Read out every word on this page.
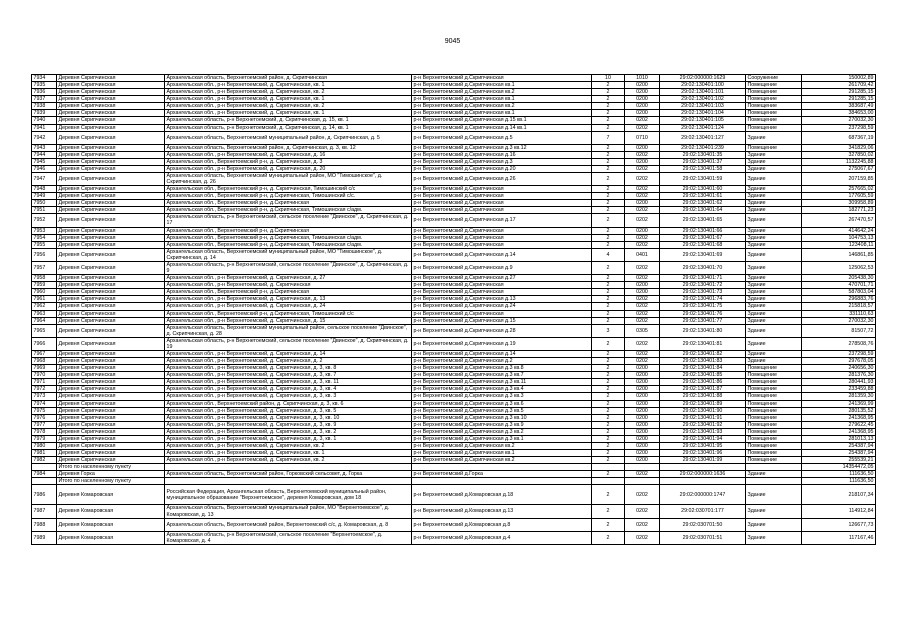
9045
7934	Деревня Скрипчинская	Архангельская область, Верхнетоемский район, д. Скрипчинская	р-н Верхнетоемский д.Скрипчинская	10	1010	29:02:000000:1629	Сооружение	150002,89
7935	Деревня Скрипчинская	Архангельская обл., р-н Верхнетоемский, д. Скрипчинская, кв. 1	р-н Верхнетоемский д.Скрипчинская кв.1	2	0200	29:02:130401:100	Помещение	261709,42
7936	Деревня Скрипчинская	Архангельская обл., р-н Верхнетоемский, д. Скрипчинская, кв. 2	р-н Верхнетоемский д.Скрипчинская кв.2	2	0200	29:02:130401:101	Помещение	291285,15
7937	Деревня Скрипчинская	Архангельская обл., р-н Верхнетоемский, д. Скрипчинская, кв. 1	р-н Верхнетоемский д.Скрипчинская кв.1	2	0200	29:02:130401:102	Помещение	291285,15
7938	Деревня Скрипчинская	Архангельская обл., р-н Верхнетоемский, д. Скрипчинская, кв. 2	р-н Верхнетоемский д.Скрипчинская кв.2	2	0200	29:02:130401:103	Помещение	383687,49
7939	Деревня Скрипчинская	Архангельская обл., р-н Верхнетоемский, д. Скрипчинская, кв. 1	р-н Верхнетоемский д.Скрипчинская кв.1	2	0200	29:02:130401:104	Помещение	384653,00
7940	Деревня Скрипчинская	Архангельская область, р-н Верхнетоемский, д. Скрипчинская, д. 15, кв. 1	р-н Верхнетоемский д.Скрипчинская д.15 кв.1	2	0202	29:02:130401:105	Помещение	270032,30
7941	Деревня Скрипчинская	Архангельская область, р-н Верхнетоемский, д. Скрипчинская, д. 14, кв. 1	р-н Верхнетоемский д.Скрипчинская д.14 кв.1	2	0202	29:02:130401:124	Помещение	237298,59
7942	Деревня Скрипчинская	Архангельская область, Верхнетоемский муниципальный район, д. Скрипчинская, д. 5	р-н Верхнетоемский д.Скрипчинская д.5	7	0710	29:02:130401:127	Здание	687367,19
7943	Деревня Скрипчинская	Архангельская область, Верхнетоемский район, д. Скрипчинская, д. 3, кв. 12	р-н Верхнетоемский д.Скрипчинская д.3 кв.12	2	0200	29:02:130401:239	Помещение	341829,06
7944	Деревня Скрипчинская	Архангельская обл., р-н Верхнетоемский, д. Скрипчинская, д. 16	р-н Верхнетоемский д.Скрипчинская д.16	2	0202	29:02:130401:35	Здание	327850,02
7945	Деревня Скрипчинская	Архангельская обл., Верхнетоемский р-н, д. Скрипчинская, д. 3	р-н Верхнетоемский д.Скрипчинская д.3	2	0200	29:02:130401:37	Здание	1132245,88
7946	Деревня Скрипчинская	Архангельская обл., р-н Верхнетоемский, д. Скрипчинская, д. 20	р-н Верхнетоемский д.Скрипчинская д.20	2	0202	29:02:130401:58	Здание	275067,67
7947	Деревня Скрипчинская	Архангельская область, Верхнетоемский муниципальный район, МО "Тимошинское", д. Скрипчинская, д. 26	р-н Верхнетоемский д.Скрипчинская д.26	2	0202	29:02:130401:59	Здание	207159,85
7948	Деревня Скрипчинская	Архангельская обл., Верхнетоемский р-н, д. Скрипчинская, Тимошинский с/с	р-н Верхнетоемский д.Скрипчинская	2	0202	29:02:130401:60	Здание	257665,02
7949	Деревня Скрипчинская	Архангельская обл., Верхнетоемский р-н, д.Скрипчинская, Тимошинский с/с.	р-н Верхнетоемский д.Скрипчинская	2	0202	29:02:130401:61	Здание	177605,59
7950	Деревня Скрипчинская	Архангельская обл., Верхнетоемский р-н, д.Скрипчинская	р-н Верхнетоемский д.Скрипчинская	2	0200	29:02:130401:62	Здание	309958,89
7951	Деревня Скрипчинская	Архангельская обл., Верхнетоемский р-н, д.Скрипчинская, Тимошинская с/адм.	р-н Верхнетоемский д.Скрипчинская	2	0202	29:02:130401:64	Здание	182771,23
7952	Деревня Скрипчинская	Архангельская область, р-н Верхнетоемский, сельское поселение "Двинское", д. Скрипчинская, д. 17	р-н Верхнетоемский д.Скрипчинская д.17	2	0202	29:02:130401:65	Здание	267470,57
7953	Деревня Скрипчинская	Архангельская обл., Верхнетоемский р-н, д.Скрипчинская	р-н Верхнетоемский д.Скрипчинская	2	0200	29:02:130401:66	Здание	414642,24
7954	Деревня Скрипчинская	Архангельская обл., Верхнетоемский р-н, д.Скрипчинская, Тимошинская с/адм.	р-н Верхнетоемский д.Скрипчинская	2	0202	29:02:130401:67	Здание	104753,13
7955	Деревня Скрипчинская	Архангельская обл., Верхнетоемский р-н, д.Скрипчинская, Тимошинская с/адм.	р-н Верхнетоемский д.Скрипчинская	2	0202	29:02:130401:68	Здание	123408,11
7956	Деревня Скрипчинская	Архангельская область, Верхнетоемский муниципальный район, МО "Тимошинское", д. Скрипчинская, д. 14	р-н Верхнетоемский д.Скрипчинская д.14	4	0401	29:02:130401:69	Здание	146861,85
7957	Деревня Скрипчинская	Архангельская область, р-н Верхнетоемский, сельское поселение "Двинское", д. Скрипчинская, д. 9	р-н Верхнетоемский д.Скрипчинская д.9	2	0202	29:02:130401:70	Здание	125062,53
7958	Деревня Скрипчинская	Архангельская обл., р-н Верхнетоемский, д. Скрипчинская, д. 27	р-н Верхнетоемский д.Скрипчинская д.27	2	0202	29:02:130401:71	Здание	205438,30
7959	Деревня Скрипчинская	Архангельская обл., р-н Верхнетоемский, д. Скрипчинская	р-н Верхнетоемский д.Скрипчинская	2	0200	29:02:130401:72	Здание	470701,71
7960	Деревня Скрипчинская	Архангельская обл., Верхнетоемский р-н, д.Скрипчинская	р-н Верхнетоемский д.Скрипчинская	2	0200	29:02:130401:73	Здание	587803,04
7961	Деревня Скрипчинская	Архангельская обл., р-н Верхнетоемский, д. Скрипчинская, д. 13	р-н Верхнетоемский д.Скрипчинская д.13	2	0202	29:02:130401:74	Здание	296883,76
7962	Деревня Скрипчинская	Архангельская обл., р-н Верхнетоемский, д. Скрипчинская, д. 24	р-н Верхнетоемский д.Скрипчинская д.24	2	0202	29:02:130401:75	Здание	215818,57
7963	Деревня Скрипчинская	Архангельская обл., Верхнетоемский р-н, д.Скрипчинская, Тимошинский с/с	р-н Верхнетоемский д.Скрипчинская	2	0202	29:02:130401:76	Здание	331110,63
7964	Деревня Скрипчинская	Архангельская обл., р-н Верхнетоемский, д. Скрипчинская, д. 15	р-н Верхнетоемский д.Скрипчинская д.15	2	0202	29:02:130401:77	Здание	270032,30
7965	Деревня Скрипчинская	Архангельская область, Верхнетоемский муниципальный район, сельское поселение "Двинское", д. Скрипчинская, д. 28	р-н Верхнетоемский д.Скрипчинская д.28	3	0305	29:02:130401:80	Здание	81507,72
7966	Деревня Скрипчинская	Архангельская область, р-н Верхнетоемский, сельское поселение "Двинское", д. Скрипчинская, д. 19	р-н Верхнетоемский д.Скрипчинская д.19	2	0202	29:02:130401:81	Здание	278508,76
7967	Деревня Скрипчинская	Архангельская обл., р-н Верхнетоемский, д. Скрипчинская, д. 14	р-н Верхнетоемский д.Скрипчинская д.14	2	0202	29:02:130401:82	Здание	237298,59
7968	Деревня Скрипчинская	Архангельская обл., р-н Верхнетоемский, д. Скрипчинская, д. 2	р-н Верхнетоемский д.Скрипчинская д.2	2	0202	29:02:130401:83	Здание	297678,05
7969	Деревня Скрипчинская	Архангельская обл., р-н Верхнетоемский, д. Скрипчинская, д. 3, кв. 8	р-н Верхнетоемский д.Скрипчинская д.3 кв.8	2	0200	29:02:130401:84	Помещение	240656,30
7970	Деревня Скрипчинская	Архангельская обл., р-н Верхнетоемский, д. Скрипчинская, д. 3, кв. 7	р-н Верхнетоемский д.Скрипчинская д.3 кв.7	2	0200	29:02:130401:85	Помещение	281376,30
7971	Деревня Скрипчинская	Архангельская обл., р-н Верхнетоемский, д. Скрипчинская, д. 3, кв. 11	р-н Верхнетоемский д.Скрипчинская д.3 кв.11	2	0200	29:02:130401:86	Помещение	280441,93
7972	Деревня Скрипчинская	Архангельская обл., р-н Верхнетоемский, д. Скрипчинская, д. 3, кв. 4	р-н Верхнетоемский д.Скрипчинская д.3 кв.4	2	0200	29:02:130401:87	Помещение	233459,88
7973	Деревня Скрипчинская	Архангельская обл., р-н Верхнетоемский, д. Скрипчинская, д. 3, кв. 3	р-н Верхнетоемский д.Скрипчинская д.3 кв.3	2	0200	29:02:130401:88	Помещение	281359,30
7974	Деревня Скрипчинская	Архангельская обл., Верхнетоемский район, д. Скрипчинская, д. 3, кв. 6	р-н Верхнетоемский д.Скрипчинская д.3 кв.6	2	0200	29:02:130401:89	Помещение	241369,99
7975	Деревня Скрипчинская	Архангельская обл., р-н Верхнетоемский, д. Скрипчинская, д. 3, кв. 5	р-н Верхнетоемский д.Скрипчинская д.3 кв.5	2	0200	29:02:130401:90	Помещение	280135,52
7976	Деревня Скрипчинская	Архангельская обл., р-н Верхнетоемский, д. Скрипчинская, д. 3, кв. 10	р-н Верхнетоемский д.Скрипчинская д.3 кв.10	2	0200	29:02:130401:91	Помещение	241368,95
7977	Деревня Скрипчинская	Архангельская обл., р-н Верхнетоемский, д. Скрипчинская, д. 3, кв. 9	р-н Верхнетоемский д.Скрипчинская д.3 кв.9	2	0200	29:02:130401:92	Помещение	279622,45
7978	Деревня Скрипчинская	Архангельская обл., р-н Верхнетоемский, д. Скрипчинская, д. 3, кв. 2	р-н Верхнетоемский д.Скрипчинская д.3 кв.2	2	0200	29:02:130401:93	Помещение	241368,95
7979	Деревня Скрипчинская	Архангельская обл., р-н Верхнетоемский, д. Скрипчинская, д. 3, кв. 1	р-н Верхнетоемский д.Скрипчинская д.3 кв.1	2	0200	29:02:130401:94	Помещение	281013,13
7980	Деревня Скрипчинская	Архангельская обл., р-н Верхнетоемский, д. Скрипчинская, кв. 2	р-н Верхнетоемский д.Скрипчинская кв.2	2	0200	29:02:130401:95	Помещение	254387,94
7981	Деревня Скрипчинская	Архангельская обл., р-н Верхнетоемский, д. Скрипчинская, кв. 1	р-н Верхнетоемский д.Скрипчинская кв.1	2	0200	29:02:130401:96	Помещение	254387,94
7982	Деревня Скрипчинская	Архангельская обл., р-н Верхнетоемский, д. Скрипчинская, кв. 2	р-н Верхнетоемский д.Скрипчинская кв.2	2	0200	29:02:130401:99	Помещение	255539,21
	Итого по населенному пункту							14354472,05
7984	Деревня Горка	Архангельская область, Верхнетоемский район, Горковский сельсовет, д. Горка	р-н Верхнетоемский д.Горка	2	0202	29:02:000000:1636	Здание	111636,50
	Итого по населенному пункту							111636,50
7986	Деревня Комаровская	Российская Федерация, Архангельская область, Верхнетоемский муниципальный район, муниципальное образование "Верхнетоемское", деревня Комаровская, дом 18	р-н Верхнетоемский д.Комаровская д.18	2	0202	29:02:000000:1747	Здание	218107,34
7987	Деревня Комаровская	Архангельская область, Верхнетоемский муниципальный район, МО "Верхнетоемское", д. Комаровская, д. 13	р-н Верхнетоемский д.Комаровская д.13	2	0202	29:02:030701:177	Здание	114912,84
7988	Деревня Комаровская	Архангельская область, Верхнетоемский район, Верхнетоемский с/с, д. Комаровская, д. 8	р-н Верхнетоемский д.Комаровская д.8	2	0202	29:02:030701:50	Здание	126677,73
7989	Деревня Комаровская	Архангельская область, р-н Верхнетоемский, сельское поселение "Верхнетоемское", д. Комаровская, д. 4	р-н Верхнетоемский д.Комаровская д.4	2	0202	29:02:030701:51	Здание	117167,46
